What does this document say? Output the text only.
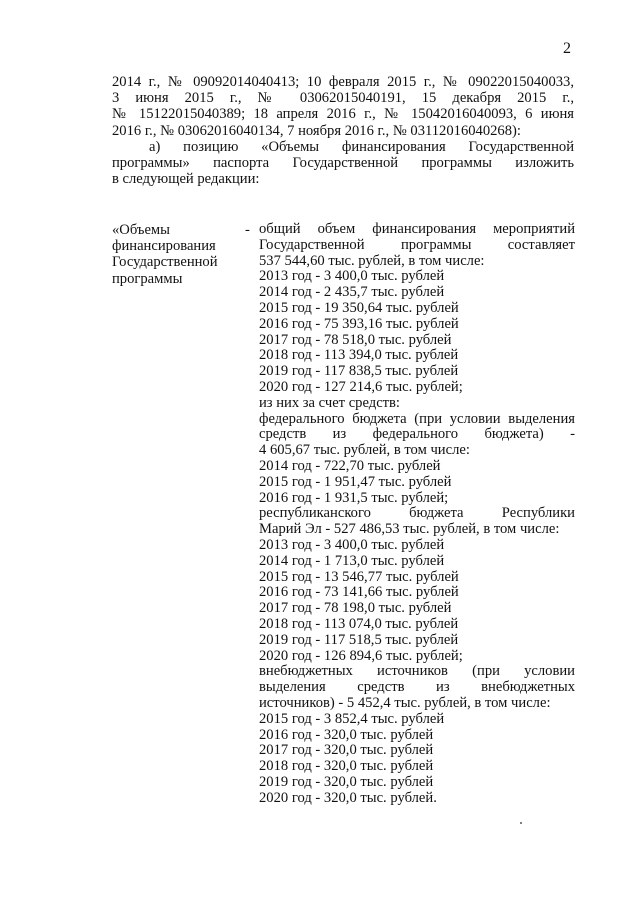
2
2014 г., № 09092014040413; 10 февраля 2015 г., № 09022015040033,
3 июня 2015 г., № 03062015040191, 15 декабря 2015 г.,
№ 15122015040389; 18 апреля 2016 г., № 15042016040093, 6 июня
2016 г., № 03062016040134, 7 ноября 2016 г., № 03112016040268):
а) позицию «Объемы финансирования Государственной
программы» паспорта Государственной программы изложить
в следующей редакции:
«Объемы
финансирования
Государственной
программы
- общий объем финансирования мероприятий
Государственной программы составляет
537 544,60 тыс. рублей, в том числе:
2013 год - 3 400,0 тыс. рублей
2014 год - 2 435,7 тыс. рублей
2015 год - 19 350,64 тыс. рублей
2016 год - 75 393,16 тыс. рублей
2017 год - 78 518,0 тыс. рублей
2018 год - 113 394,0 тыс. рублей
2019 год - 117 838,5 тыс. рублей
2020 год - 127 214,6 тыс. рублей;
из них за счет средств:
федерального бюджета (при условии выделения
средств из федерального бюджета) -
4 605,67 тыс. рублей, в том числе:
2014 год - 722,70 тыс. рублей
2015 год - 1 951,47 тыс. рублей
2016 год - 1 931,5 тыс. рублей;
республиканского бюджета Республики
Марий Эл - 527 486,53 тыс. рублей, в том числе:
2013 год - 3 400,0 тыс. рублей
2014 год - 1 713,0 тыс. рублей
2015 год - 13 546,77 тыс. рублей
2016 год - 73 141,66 тыс. рублей
2017 год - 78 198,0 тыс. рублей
2018 год - 113 074,0 тыс. рублей
2019 год - 117 518,5 тыс. рублей
2020 год - 126 894,6 тыс. рублей;
внебюджетных источников (при условии
выделения средств из внебюджетных
источников) - 5 452,4 тыс. рублей, в том числе:
2015 год - 3 852,4 тыс. рублей
2016 год - 320,0 тыс. рублей
2017 год - 320,0 тыс. рублей
2018 год - 320,0 тыс. рублей
2019 год - 320,0 тыс. рублей
2020 год - 320,0 тыс. рублей.
